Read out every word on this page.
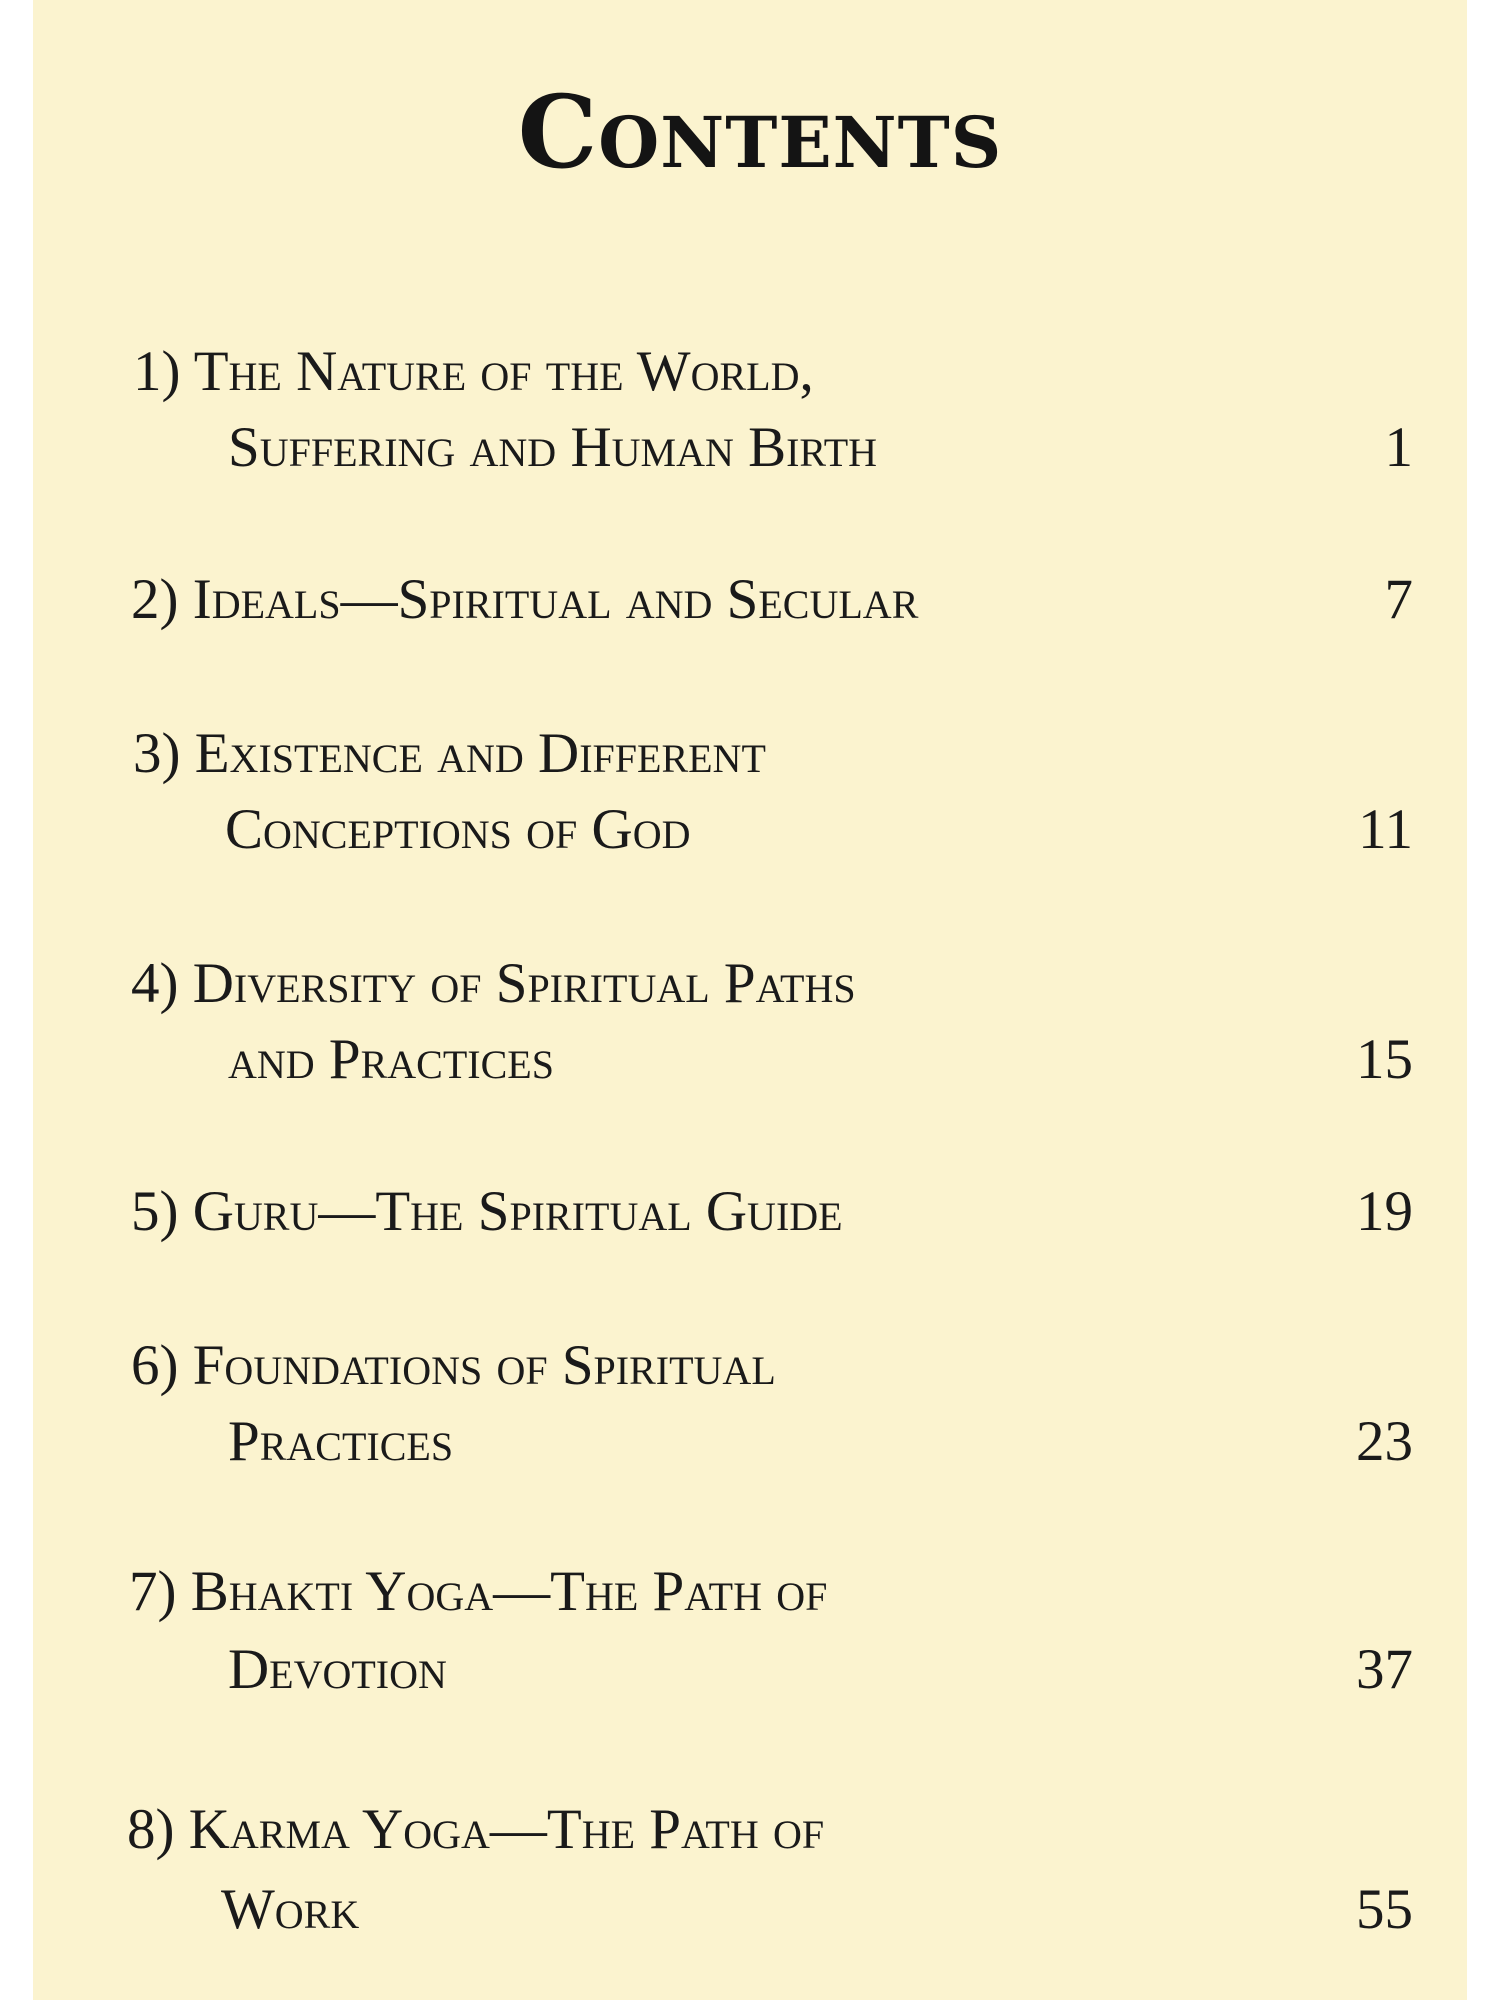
Contents
1) The Nature of the World,
Suffering and Human Birth	1
2) Ideals—Spiritual and Secular	7
3) Existence and Different
Conceptions of God	11
4) Diversity of Spiritual Paths
and Practices	15
5) Guru—The Spiritual Guide	19
6) Foundations of Spiritual
Practices	23
7) Bhakti Yoga—The Path of
Devotion	37
8) Karma Yoga—The Path of
Work	55
